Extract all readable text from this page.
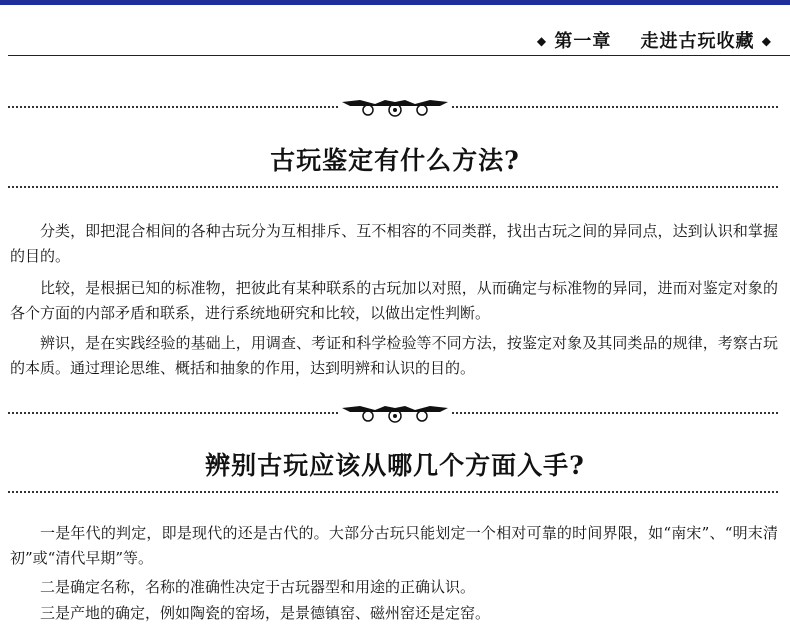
◆ 第一章 走进古玩收藏 ◆
古玩鉴定有什么方法?

分类，即把混合相间的各种古玩分为互相排斥、互不相容的不同类群，找出古玩之间的异同点，达到认识和掌握的目的。

比较，是根据已知的标准物，把彼此有某种联系的古玩加以对照，从而确定与标准物的异同，进而对鉴定对象的各个方面的内部矛盾和联系，进行系统地研究和比较，以做出定性判断。

辨识，是在实践经验的基础上，用调查、考证和科学检验等不同方法，按鉴定对象及其同类品的规律，考察古玩的本质。通过理论思维、概括和抽象的作用，达到明辨和认识的目的。

辨别古玩应该从哪几个方面入手?

一是年代的判定，即是现代的还是古代的。大部分古玩只能划定一个相对可靠的时间界限，如“南宋”、“明末清初”或“清代早期”等。

二是确定名称，名称的准确性决定于古玩器型和用途的正确认识。

三是产地的确定，例如陶瓷的窑场，是景德镇窑、磁州窑还是定窑。
